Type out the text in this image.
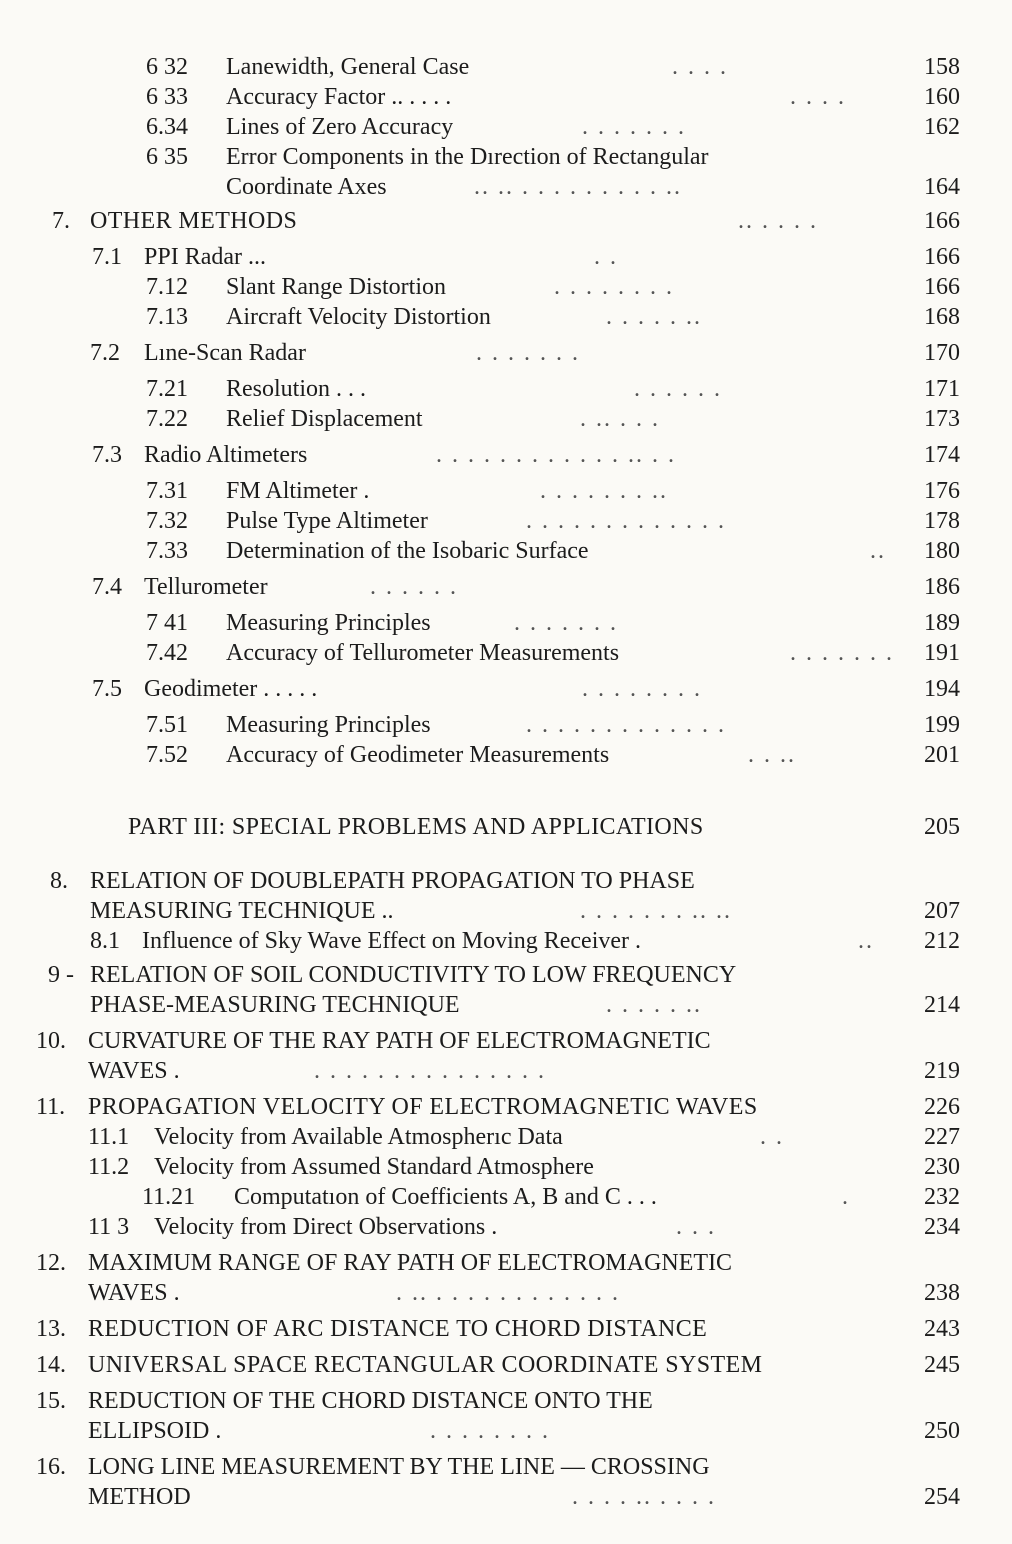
6 32 Lanewidth, General Case	. . . .	158
6 33 Accuracy Factor .. . . . .	. . . .	160
6.34 Lines of Zero Accuracy	. . . . . . .	162
6 35 Error Components in the Dırection of Rectangular
Coordinate Axes	.. .. . . . . . . . . . ..	164
7. OTHER METHODS	.. . . . .	166
7.1 PPI Radar ...	. .	166
7.12 Slant Range Distortion	. . . . . . . .	166
7.13 Aircraft Velocity Distortion	. . . . . ..	168
7.2 Lıne-Scan Radar	. . . . . . .	170
7.21 Resolution . . .	. . . . . .	171
7.22 Relief Displacement	. .. . . .	173
7.3 Radio Altimeters	. . . . . . . . . . . . .. . .	174
7.31 FM Altimeter .	. . . . . . . ..	176
7.32 Pulse Type Altimeter	. . . . . . . . . . . . .	178
7.33 Determination of the Isobaric Surface	.. 180
7.4 Tellurometer	. . . . . .	186
7 41 Measuring Principles	. . . . . . .	189
7.42 Accuracy of Tellurometer Measurements	. . . . . . . 191
7.5 Geodimeter . . . . .	. . . . . . . .	194
7.51 Measuring Principles	. . . . . . . . . . . . .	199
7.52 Accuracy of Geodimeter Measurements	. . ..	201
PART III: SPECIAL PROBLEMS AND APPLICATIONS	205
8. RELATION OF DOUBLEPATH PROPAGATION TO PHASE
MEASURING TECHNIQUE ..	. . . . . . . .. ..	207
8.1 Influence of Sky Wave Effect on Moving Receiver .	.. 212
9 - RELATION OF SOIL CONDUCTIVITY TO LOW FREQUENCY
PHASE-MEASURING TECHNIQUE	. . . . . ..	214
10. CURVATURE OF THE RAY PATH OF ELECTROMAGNETIC
WAVES .	. . . . . . . . . . . . . . .	219
11. PROPAGATION VELOCITY OF ELECTROMAGNETIC WAVES	226
11.1 Velocity from Available Atmospherıc Data	. .	227
11.2 Velocity from Assumed Standard Atmosphere	230
11.21 Computatıon of Coefficients A, B and C . . .	.	232
11 3 Velocity from Direct Observations .	. . .	234
12. MAXIMUM RANGE OF RAY PATH OF ELECTROMAGNETIC
WAVES .	. .. . . . . . . . . . . . .	238
13. REDUCTION OF ARC DISTANCE TO CHORD DISTANCE	243
14. UNIVERSAL SPACE RECTANGULAR COORDINATE SYSTEM	245
15. REDUCTION OF THE CHORD DISTANCE ONTO THE
ELLIPSOID .	. . . . . . . .	250
16. LONG LINE MEASUREMENT BY THE LINE — CROSSING
METHOD	. . . . .. . . . .	254
